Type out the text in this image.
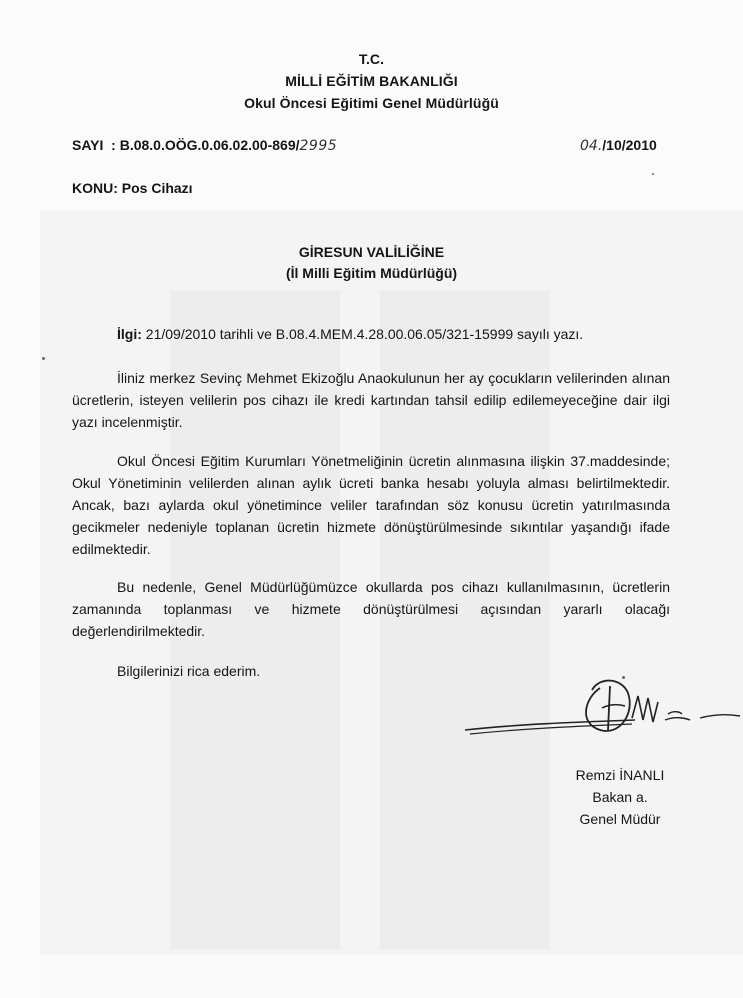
T.C.
MİLLİ EĞİTİM BAKANLIĞI
Okul Öncesi Eğitimi Genel Müdürlüğü
SAYI : B.08.0.OÖG.0.06.02.00-869/2995	04./10/2010
KONU: Pos Cihazı
GİRESUN VALİLİĞİNE
(İl Milli Eğitim Müdürlüğü)
İlgi: 21/09/2010 tarihli ve B.08.4.MEM.4.28.00.06.05/321-15999 sayılı yazı.
İliniz merkez Sevinç Mehmet Ekizoğlu Anaokulunun her ay çocukların velilerinden alınan ücretlerin, isteyen velilerin pos cihazı ile kredi kartından tahsil edilip edilemeyeceğine dair ilgi yazı incelenmiştir.
Okul Öncesi Eğitim Kurumları Yönetmeliğinin ücretin alınmasına ilişkin 37.maddesinde; Okul Yönetiminin velilerden alınan aylık ücreti banka hesabı yoluyla alması belirtilmektedir. Ancak, bazı aylarda okul yönetimince veliler tarafından söz konusu ücretin yatırılmasında gecikmeler nedeniyle toplanan ücretin hizmete dönüştürülmesinde sıkıntılar yaşandığı ifade edilmektedir.
Bu nedenle, Genel Müdürlüğümüzce okullarda pos cihazı kullanılmasının, ücretlerin zamanında toplanması ve hizmete dönüştürülmesi açısından yararlı olacağı değerlendirilmektedir.
Bilgilerinizi rica ederim.
Remzi İNANLI
Bakan a.
Genel Müdür
